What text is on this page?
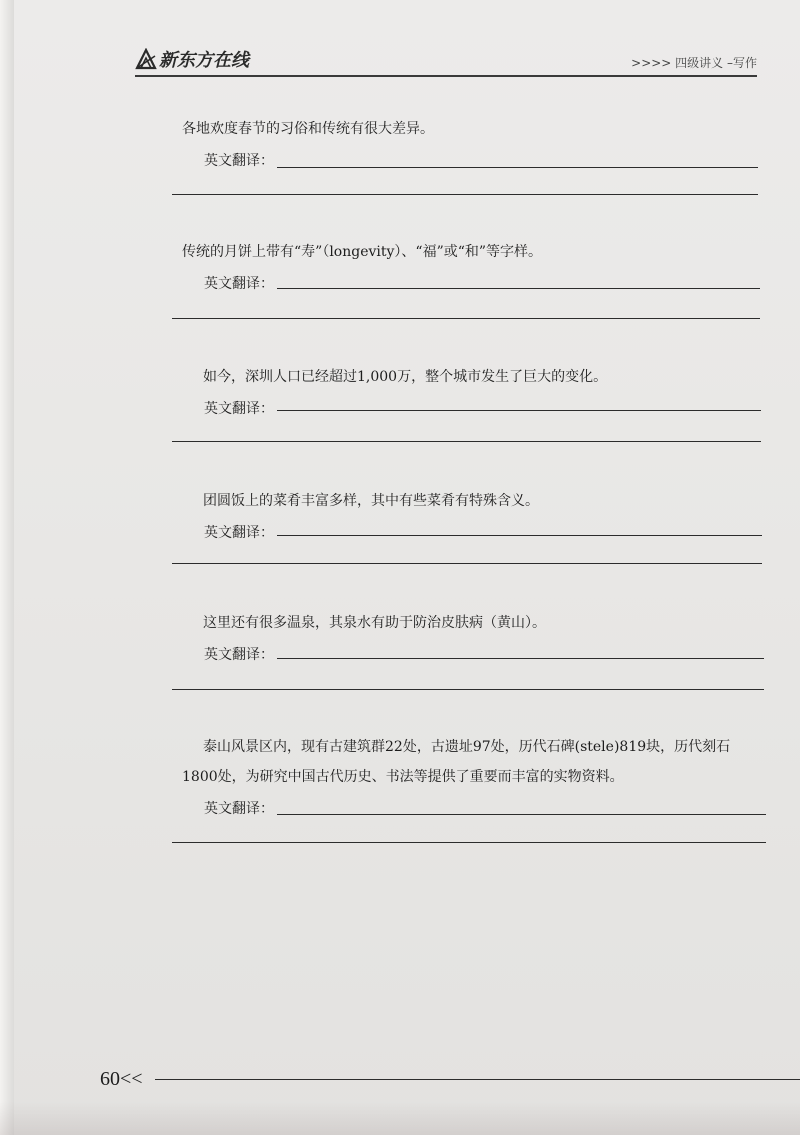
新东方在线	>>>> 四级讲义 –写作
各地欢度春节的习俗和传统有很大差异。
英文翻译：
传统的月饼上带有“寿”（longevity）、“福”或“和”等字样。
英文翻译：
如今，深圳人口已经超过1,000万，整个城市发生了巨大的变化。
英文翻译：
团圆饭上的菜肴丰富多样，其中有些菜肴有特殊含义。
英文翻译：
这里还有很多温泉，其泉水有助于防治皮肤病（黄山）。
英文翻译：
泰山风景区内，现有古建筑群22处，古遗址97处，历代石碑(stele)819块，历代刻石
1800处，为研究中国古代历史、书法等提供了重要而丰富的实物资料。
英文翻译：
60<<
